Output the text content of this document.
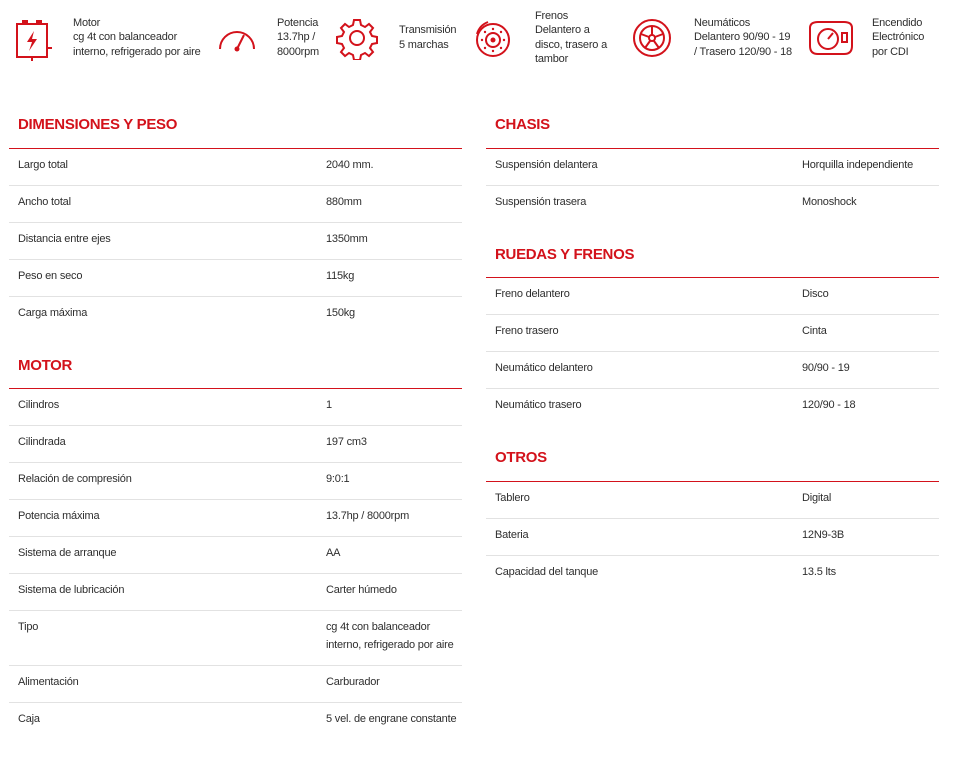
Motor
cg 4t con balanceador
interno, refrigerado por aire
Potencia
13.7hp /
8000rpm
Transmisión
5 marchas
Frenos
Delantero a
disco, trasero a
tambor
Neumáticos
Delantero 90/90 - 19
/ Trasero 120/90 - 18
Encendido
Electrónico
por CDI
DIMENSIONES Y PESO
Largo total	2040 mm.
Ancho total	880mm
Distancia entre ejes	1350mm
Peso en seco	115kg
Carga máxima	150kg
MOTOR
Cilindros	1
Cilindrada	197 cm3
Relación de compresión	9:0:1
Potencia máxima	13.7hp / 8000rpm
Sistema de arranque	AA
Sistema de lubricación	Carter húmedo
Tipo	cg 4t con balanceador interno, refrigerado por aire
Alimentación	Carburador
Caja	5 vel. de engrane constante
CHASIS
Suspensión delantera	Horquilla independiente
Suspensión trasera	Monoshock
RUEDAS Y FRENOS
Freno delantero	Disco
Freno trasero	Cinta
Neumático delantero	90/90 - 19
Neumático trasero	120/90 - 18
OTROS
Tablero	Digital
Bateria	12N9-3B
Capacidad del tanque	13.5 lts
